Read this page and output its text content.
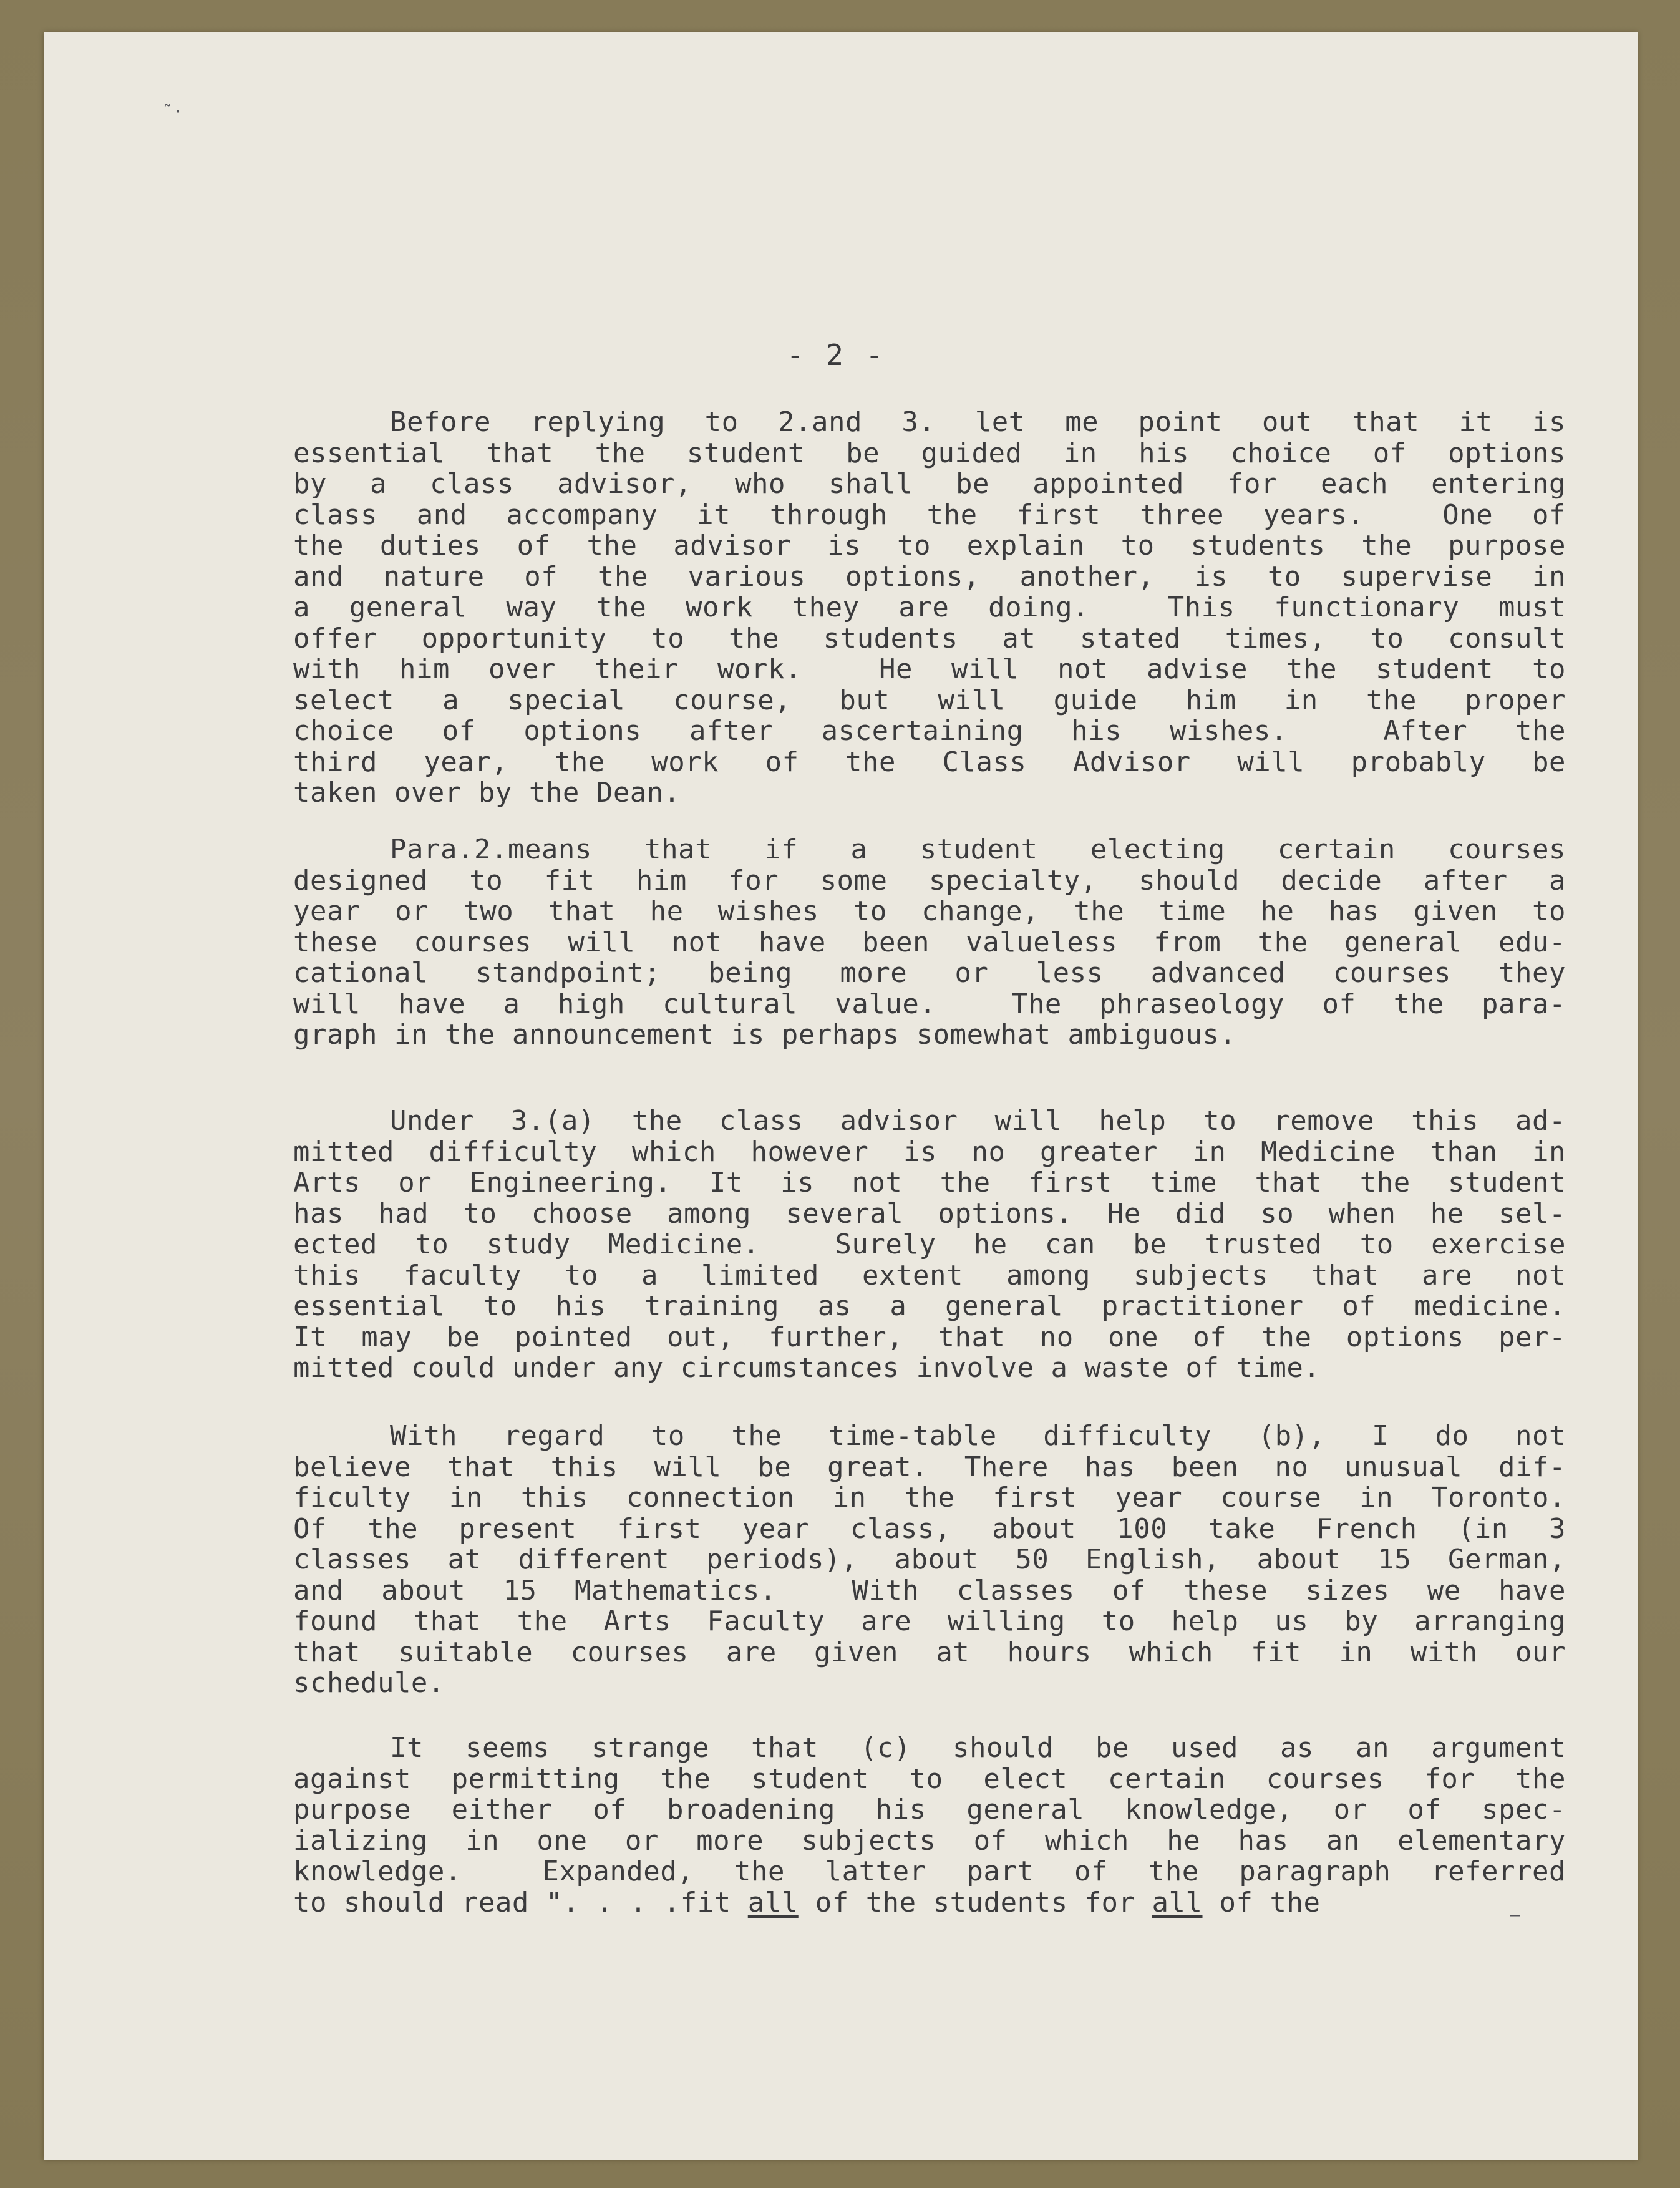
˜·
- 2 -
Before replying to 2.and 3. let me point out that it is
essential that the student be guided in his choice of options
by a class advisor, who shall be appointed for each entering
class and accompany it through the first three years.  One of
the duties of the advisor is to explain to students the purpose
and nature of the various options, another, is to supervise in
a general way the work they are doing.  This functionary must
offer opportunity to the students at stated times, to consult
with him over their work.  He will not advise the student to
select a special course, but will guide him in the proper
choice of options after ascertaining his wishes.  After the
third year, the work of the Class Advisor will probably be
taken over by the Dean.
Para.2.means that if a student electing certain courses
designed to fit him for some specialty, should decide after a
year or two that he wishes to change, the time he has given to
these courses will not have been valueless from the general edu-
cational standpoint; being more or less advanced courses they
will have a high cultural value.  The phraseology of the para-
graph in the announcement is perhaps somewhat ambiguous.
Under 3.(a) the class advisor will help to remove this ad-
mitted difficulty which however is no greater in Medicine than in
Arts or Engineering. It is not the first time that the student
has had to choose among several options. He did so when he sel-
ected to study Medicine.  Surely he can be trusted to exercise
this faculty to a limited extent among subjects that are not
essential to his training as a general practitioner of medicine.
It may be pointed out, further, that no one of the options per-
mitted could under any circumstances involve a waste of time.
With regard to the time-table difficulty (b), I do not
believe that this will be great. There has been no unusual dif-
ficulty in this connection in the first year course in Toronto.
Of the present first year class, about 100 take French (in 3
classes at different periods), about 50 English, about 15 German,
and about 15 Mathematics.  With classes of these sizes we have
found that the Arts Faculty are willing to help us by arranging
that suitable courses are given at hours which fit in with our
schedule.
It seems strange that (c) should be used as an argument
against permitting the student to elect certain courses for the
purpose either of broadening his general knowledge, or of spec-
ializing in one or more subjects of which he has an elementary
knowledge.  Expanded, the latter part of the paragraph referred
to should read ". . . .fit all of the students for all of the	–
